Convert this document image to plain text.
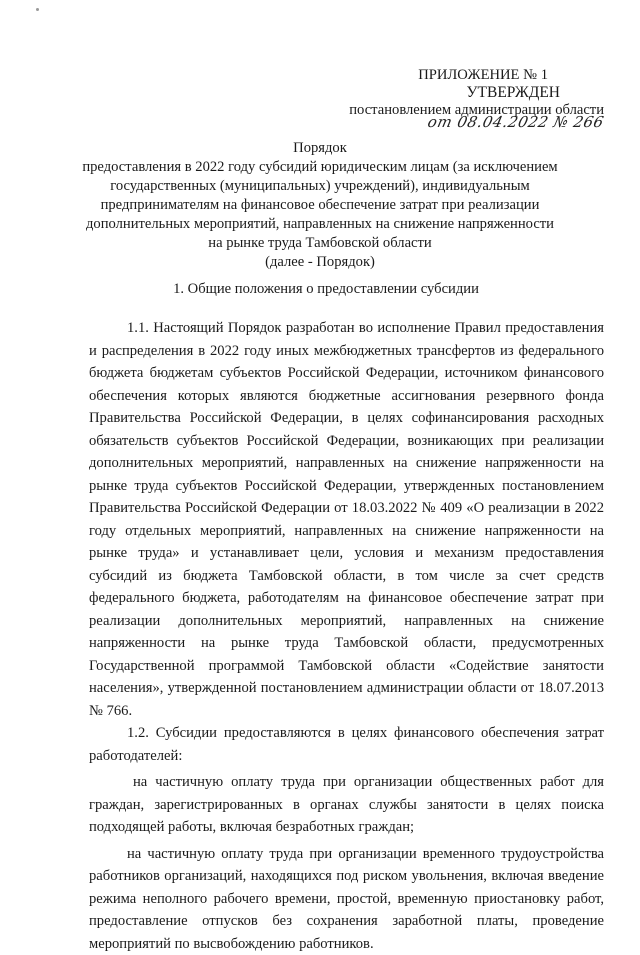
ПРИЛОЖЕНИЕ № 1
УТВЕРЖДЕН
постановлением администрации области
от 08.04.2022 № 266
Порядок
предоставления в 2022 году субсидий юридическим лицам (за исключением
государственных (муниципальных) учреждений), индивидуальным
предпринимателям на финансовое обеспечение затрат при реализации
дополнительных мероприятий, направленных на снижение напряженности
на рынке труда Тамбовской области
(далее - Порядок)
1. Общие положения о предоставлении субсидии

1.1. Настоящий Порядок разработан во исполнение Правил предоставления и распределения в 2022 году иных межбюджетных трансфертов из федерального бюджета бюджетам субъектов Российской Федерации, источником финансового обеспечения которых являются бюджетные ассигнования резервного фонда Правительства Российской Федерации, в целях софинансирования расходных обязательств субъектов Российской Федерации, возникающих при реализации дополнительных мероприятий, направленных на снижение напряженности на рынке труда субъектов Российской Федерации, утвержденных постановлением Правительства Российской Федерации от 18.03.2022 № 409 «О реализации в 2022 году отдельных мероприятий, направленных на снижение напряженности на рынке труда» и устанавливает цели, условия и механизм предоставления субсидий из бюджета Тамбовской области, в том числе за счет средств федерального бюджета, работодателям на финансовое обеспечение затрат при реализации дополнительных мероприятий, направленных на снижение напряженности на рынке труда Тамбовской области, предусмотренных Государственной программой Тамбовской области «Содействие занятости населения», утвержденной постановлением администрации области от 18.07.2013 № 766.

1.2. Субсидии предоставляются в целях финансового обеспечения затрат работодателей:

на частичную оплату труда при организации общественных работ для граждан, зарегистрированных в органах службы занятости в целях поиска подходящей работы, включая безработных граждан;

на частичную оплату труда при организации временного трудоустройства работников организаций, находящихся под риском увольнения, включая введение режима неполного рабочего времени, простой, временную приостановку работ, предоставление отпусков без сохранения заработной платы, проведение мероприятий по высвобождению работников.
